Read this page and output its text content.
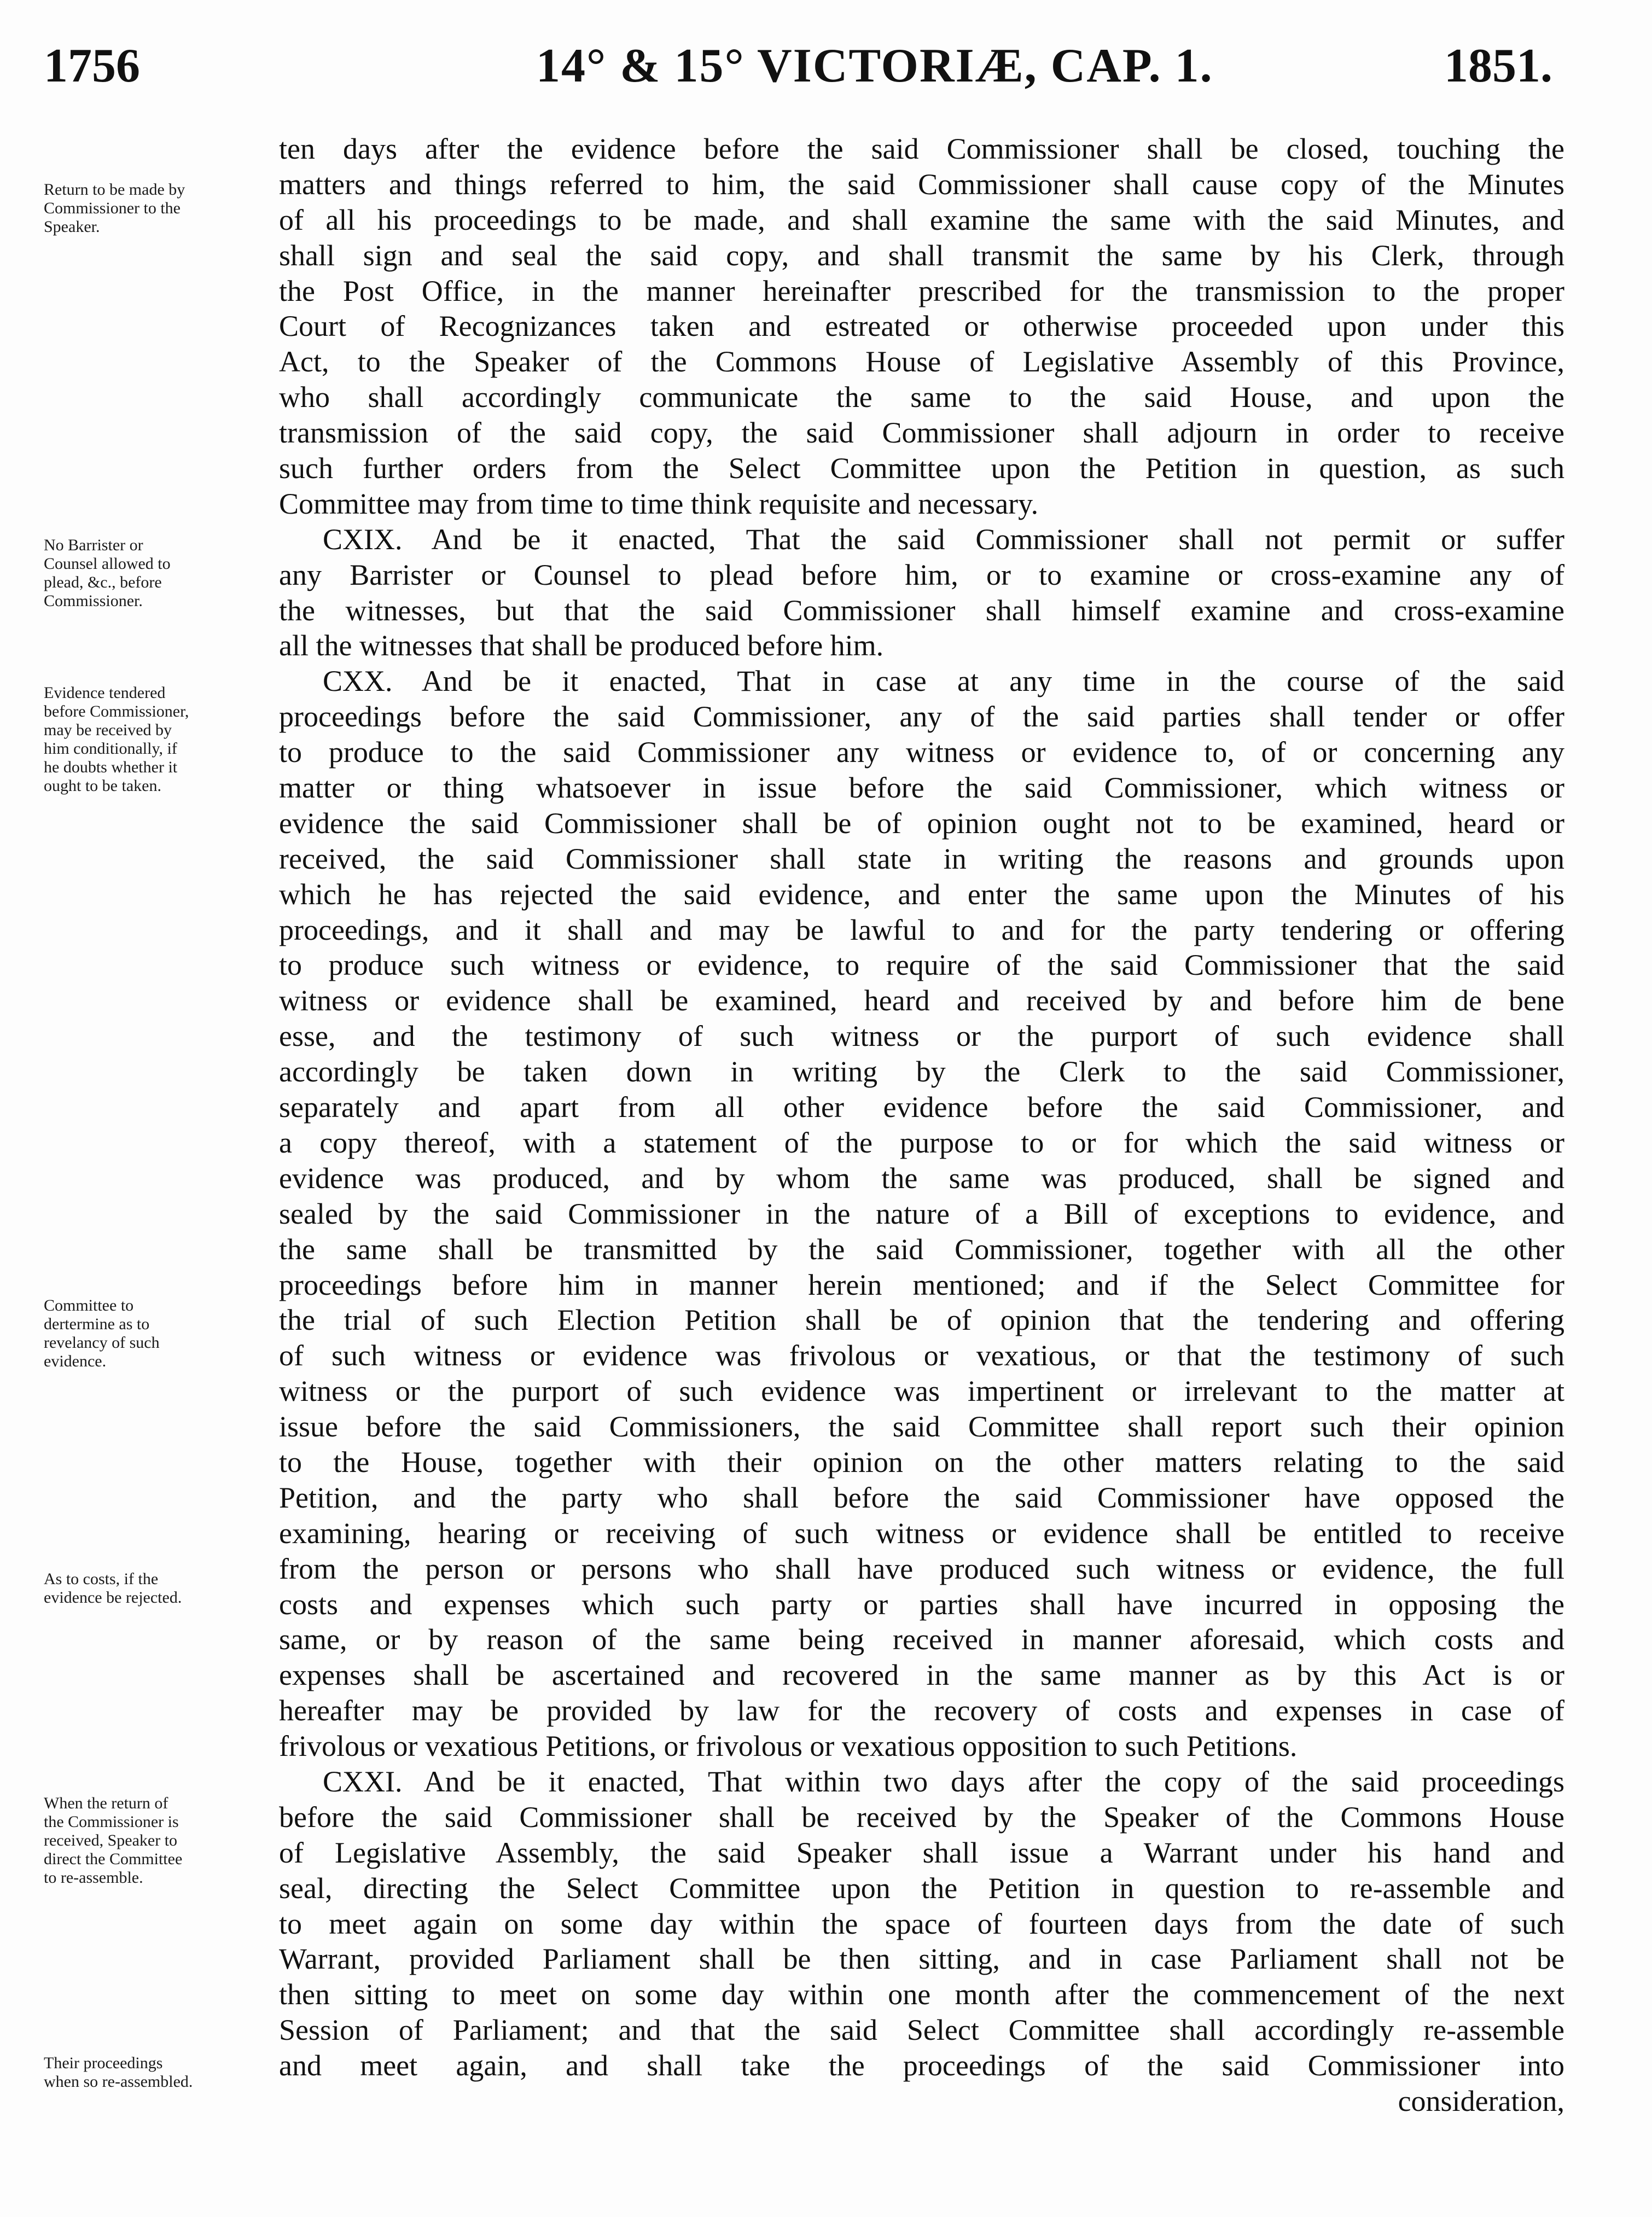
1756	14° & 15° VICTORIÆ, CAP. 1.	1851.
Return to be made by
Commissioner to the
Speaker.
No Barrister or
Counsel allowed to
plead, &c., before
Commissioner.
Evidence tendered
before Commissioner,
may be received by
him conditionally, if
he doubts whether it
ought to be taken.
Committee to
dertermine as to
revelancy of such
evidence.
As to costs, if the
evidence be rejected.
When the return of
the Commissioner is
received, Speaker to
direct the Committee
to re-assemble.
Their proceedings
when so re-assembled.
ten days after the evidence before the said Commissioner shall be closed, touching the
matters and things referred to him, the said Commissioner shall cause copy of the Minutes
of all his proceedings to be made, and shall examine the same with the said Minutes, and
shall sign and seal the said copy, and shall transmit the same by his Clerk, through
the Post Office, in the manner hereinafter prescribed for the transmission to the proper
Court of Recognizances taken and estreated or otherwise proceeded upon under this
Act, to the Speaker of the Commons House of Legislative Assembly of this Province,
who shall accordingly communicate the same to the said House, and upon the
transmission of the said copy, the said Commissioner shall adjourn in order to receive
such further orders from the Select Committee upon the Petition in question, as such
Committee may from time to time think requisite and necessary.
CXIX. And be it enacted, That the said Commissioner shall not permit or suffer
any Barrister or Counsel to plead before him, or to examine or cross-examine any of
the witnesses, but that the said Commissioner shall himself examine and cross-examine
all the witnesses that shall be produced before him.
CXX. And be it enacted, That in case at any time in the course of the said
proceedings before the said Commissioner, any of the said parties shall tender or offer
to produce to the said Commissioner any witness or evidence to, of or concerning any
matter or thing whatsoever in issue before the said Commissioner, which witness or
evidence the said Commissioner shall be of opinion ought not to be examined, heard or
received, the said Commissioner shall state in writing the reasons and grounds upon
which he has rejected the said evidence, and enter the same upon the Minutes of his
proceedings, and it shall and may be lawful to and for the party tendering or offering
to produce such witness or evidence, to require of the said Commissioner that the said
witness or evidence shall be examined, heard and received by and before him de bene
esse, and the testimony of such witness or the purport of such evidence shall
accordingly be taken down in writing by the Clerk to the said Commissioner,
separately and apart from all other evidence before the said Commissioner, and
a copy thereof, with a statement of the purpose to or for which the said witness or
evidence was produced, and by whom the same was produced, shall be signed and
sealed by the said Commissioner in the nature of a Bill of exceptions to evidence, and
the same shall be transmitted by the said Commissioner, together with all the other
proceedings before him in manner herein mentioned; and if the Select Committee for
the trial of such Election Petition shall be of opinion that the tendering and offering
of such witness or evidence was frivolous or vexatious, or that the testimony of such
witness or the purport of such evidence was impertinent or irrelevant to the matter at
issue before the said Commissioners, the said Committee shall report such their opinion
to the House, together with their opinion on the other matters relating to the said
Petition, and the party who shall before the said Commissioner have opposed the
examining, hearing or receiving of such witness or evidence shall be entitled to receive
from the person or persons who shall have produced such witness or evidence, the full
costs and expenses which such party or parties shall have incurred in opposing the
same, or by reason of the same being received in manner aforesaid, which costs and
expenses shall be ascertained and recovered in the same manner as by this Act is or
hereafter may be provided by law for the recovery of costs and expenses in case of
frivolous or vexatious Petitions, or frivolous or vexatious opposition to such Petitions.
CXXI. And be it enacted, That within two days after the copy of the said proceedings
before the said Commissioner shall be received by the Speaker of the Commons House
of Legislative Assembly, the said Speaker shall issue a Warrant under his hand and
seal, directing the Select Committee upon the Petition in question to re-assemble and
to meet again on some day within the space of fourteen days from the date of such
Warrant, provided Parliament shall be then sitting, and in case Parliament shall not be
then sitting to meet on some day within one month after the commencement of the next
Session of Parliament; and that the said Select Committee shall accordingly re-assemble
and meet again, and shall take the proceedings of the said Commissioner into
consideration,
